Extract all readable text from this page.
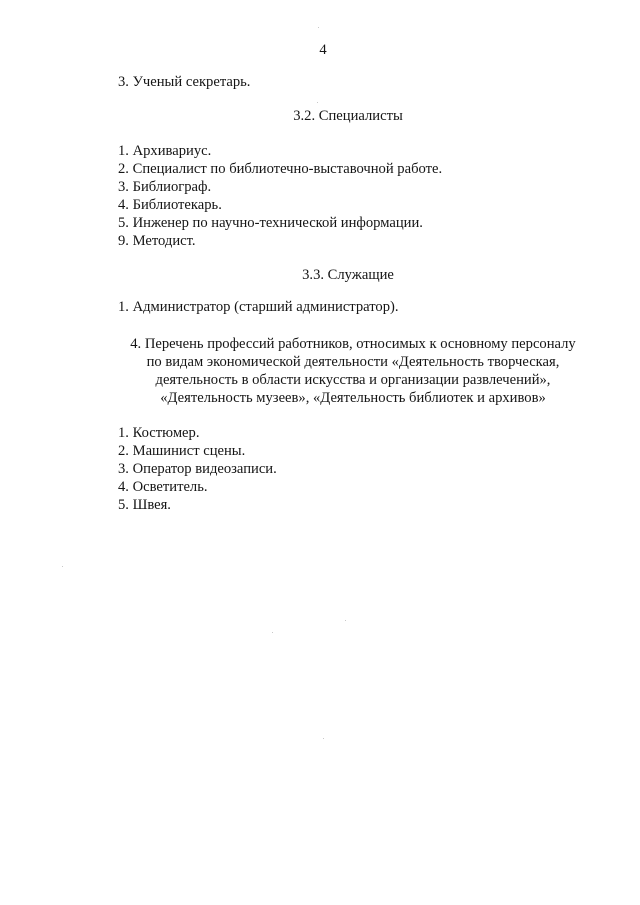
4
3. Ученый секретарь.
3.2. Специалисты
1. Архивариус.
2. Специалист по библиотечно-выставочной работе.
3. Библиограф.
4. Библиотекарь.
5. Инженер по научно-технической информации.
9. Методист.
3.3. Служащие
1. Администратор (старший администратор).
4. Перечень профессий работников, относимых к основному персоналу
по видам экономической деятельности «Деятельность творческая,
деятельность в области искусства и организации развлечений»,
«Деятельность музеев», «Деятельность библиотек и архивов»
1. Костюмер.
2. Машинист сцены.
3. Оператор видеозаписи.
4. Осветитель.
5. Швея.
